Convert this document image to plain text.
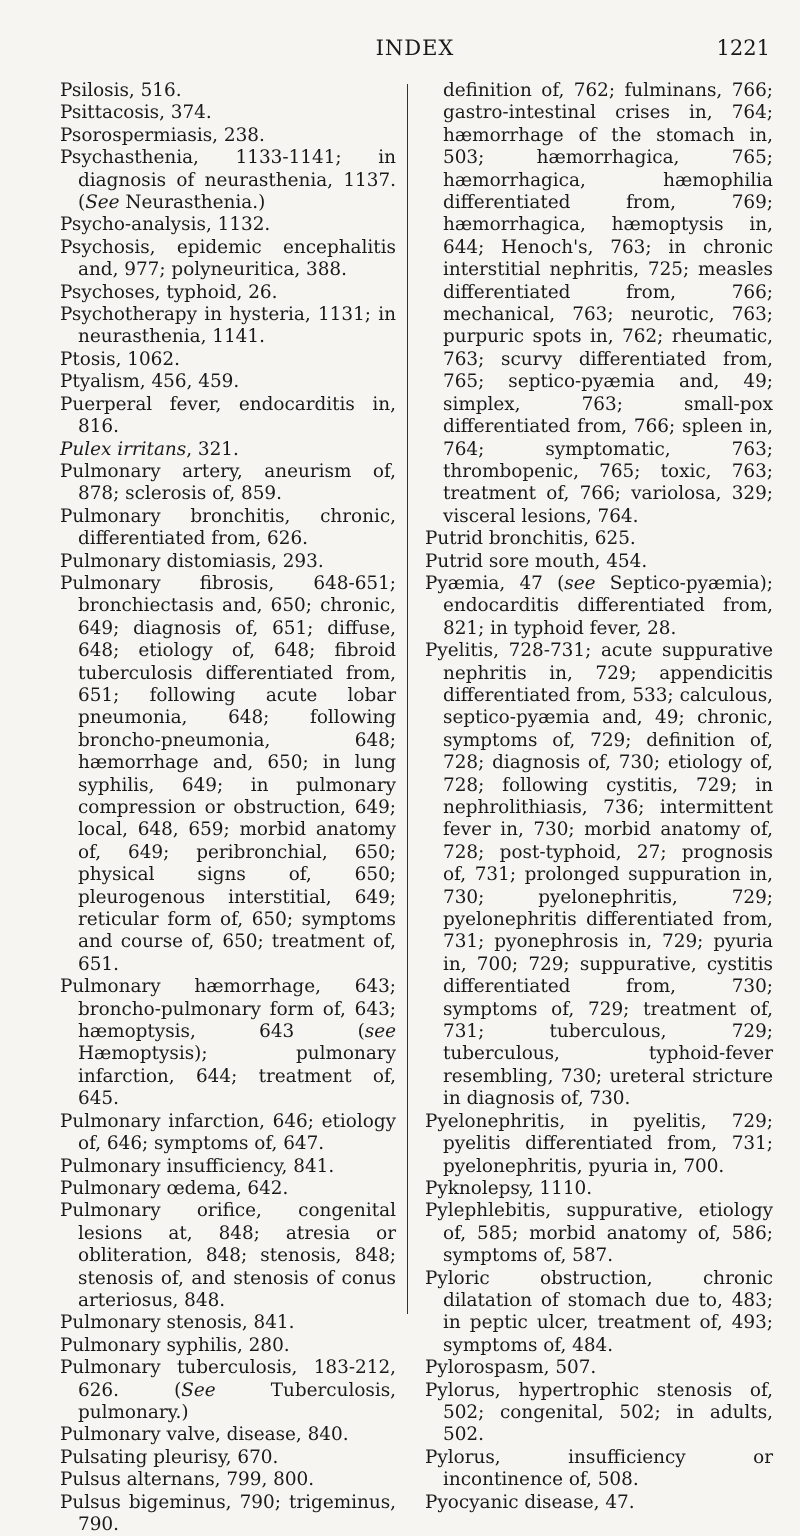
INDEX	1221

Psilosis, 516.

Psittacosis, 374.

Psorospermiasis, 238.

Psychasthenia, 1133-1141; in diagnosis of neurasthenia, 1137. (See Neurasthenia.)

Psycho-analysis, 1132.

Psychosis, epidemic encephalitis and, 977; polyneuritica, 388.

Psychoses, typhoid, 26.

Psychotherapy in hysteria, 1131; in neurasthenia, 1141.

Ptosis, 1062.

Ptyalism, 456, 459.

Puerperal fever, endocarditis in, 816.

Pulex irritans, 321.

Pulmonary artery, aneurism of, 878; sclerosis of, 859.

Pulmonary bronchitis, chronic, differentiated from, 626.

Pulmonary distomiasis, 293.

Pulmonary fibrosis, 648-651; bronchiectasis and, 650; chronic, 649; diagnosis of, 651; diffuse, 648; etiology of, 648; fibroid tuberculosis differentiated from, 651; following acute lobar pneumonia, 648; following broncho-pneumonia, 648; hæmorrhage and, 650; in lung syphilis, 649; in pulmonary compression or obstruction, 649; local, 648, 659; morbid anatomy of, 649; peribronchial, 650; physical signs of, 650; pleurogenous interstitial, 649; reticular form of, 650; symptoms and course of, 650; treatment of, 651.

Pulmonary hæmorrhage, 643; broncho-pulmonary form of, 643; hæmoptysis, 643 (see Hæmoptysis); pulmonary infarction, 644; treatment of, 645.

Pulmonary infarction, 646; etiology of, 646; symptoms of, 647.

Pulmonary insufficiency, 841.

Pulmonary œdema, 642.

Pulmonary orifice, congenital lesions at, 848; atresia or obliteration, 848; stenosis, 848; stenosis of, and stenosis of conus arteriosus, 848.

Pulmonary stenosis, 841.

Pulmonary syphilis, 280.

Pulmonary tuberculosis, 183-212, 626. (See Tuberculosis, pulmonary.)

Pulmonary valve, disease, 840.

Pulsating pleurisy, 670.

Pulsus alternans, 799, 800.

Pulsus bigeminus, 790; trigeminus, 790.

definition of, 762; fulminans, 766; gastro-intestinal crises in, 764; hæmorrhage of the stomach in, 503; hæmorrhagica, 765; hæmorrhagica, hæmophilia differentiated from, 769; hæmorrhagica, hæmoptysis in, 644; Henoch's, 763; in chronic interstitial nephritis, 725; measles differentiated from, 766; mechanical, 763; neurotic, 763; purpuric spots in, 762; rheumatic, 763; scurvy differentiated from, 765; septico-pyæmia and, 49; simplex, 763; small-pox differentiated from, 766; spleen in, 764; symptomatic, 763; thrombopenic, 765; toxic, 763; treatment of, 766; variolosa, 329; visceral lesions, 764.

Putrid bronchitis, 625.

Putrid sore mouth, 454.

Pyæmia, 47 (see Septico-pyæmia); endocarditis differentiated from, 821; in typhoid fever, 28.

Pyelitis, 728-731; acute suppurative nephritis in, 729; appendicitis differentiated from, 533; calculous, septico-pyæmia and, 49; chronic, symptoms of, 729; definition of, 728; diagnosis of, 730; etiology of, 728; following cystitis, 729; in nephrolithiasis, 736; intermittent fever in, 730; morbid anatomy of, 728; post-typhoid, 27; prognosis of, 731; prolonged suppuration in, 730; pyelonephritis, 729; pyelonephritis differentiated from, 731; pyonephrosis in, 729; pyuria in, 700; 729; suppurative, cystitis differentiated from, 730; symptoms of, 729; treatment of, 731; tuberculous, 729; tuberculous, typhoid-fever resembling, 730; ureteral stricture in diagnosis of, 730.

Pyelonephritis, in pyelitis, 729; pyelitis differentiated from, 731; pyelonephritis, pyuria in, 700.

Pyknolepsy, 1110.

Pylephlebitis, suppurative, etiology of, 585; morbid anatomy of, 586; symptoms of, 587.

Pyloric obstruction, chronic dilatation of stomach due to, 483; in peptic ulcer, treatment of, 493; symptoms of, 484.

Pylorospasm, 507.

Pylorus, hypertrophic stenosis of, 502; congenital, 502; in adults, 502.

Pylorus, insufficiency or incontinence of, 508.

Pyocyanic disease, 47.
